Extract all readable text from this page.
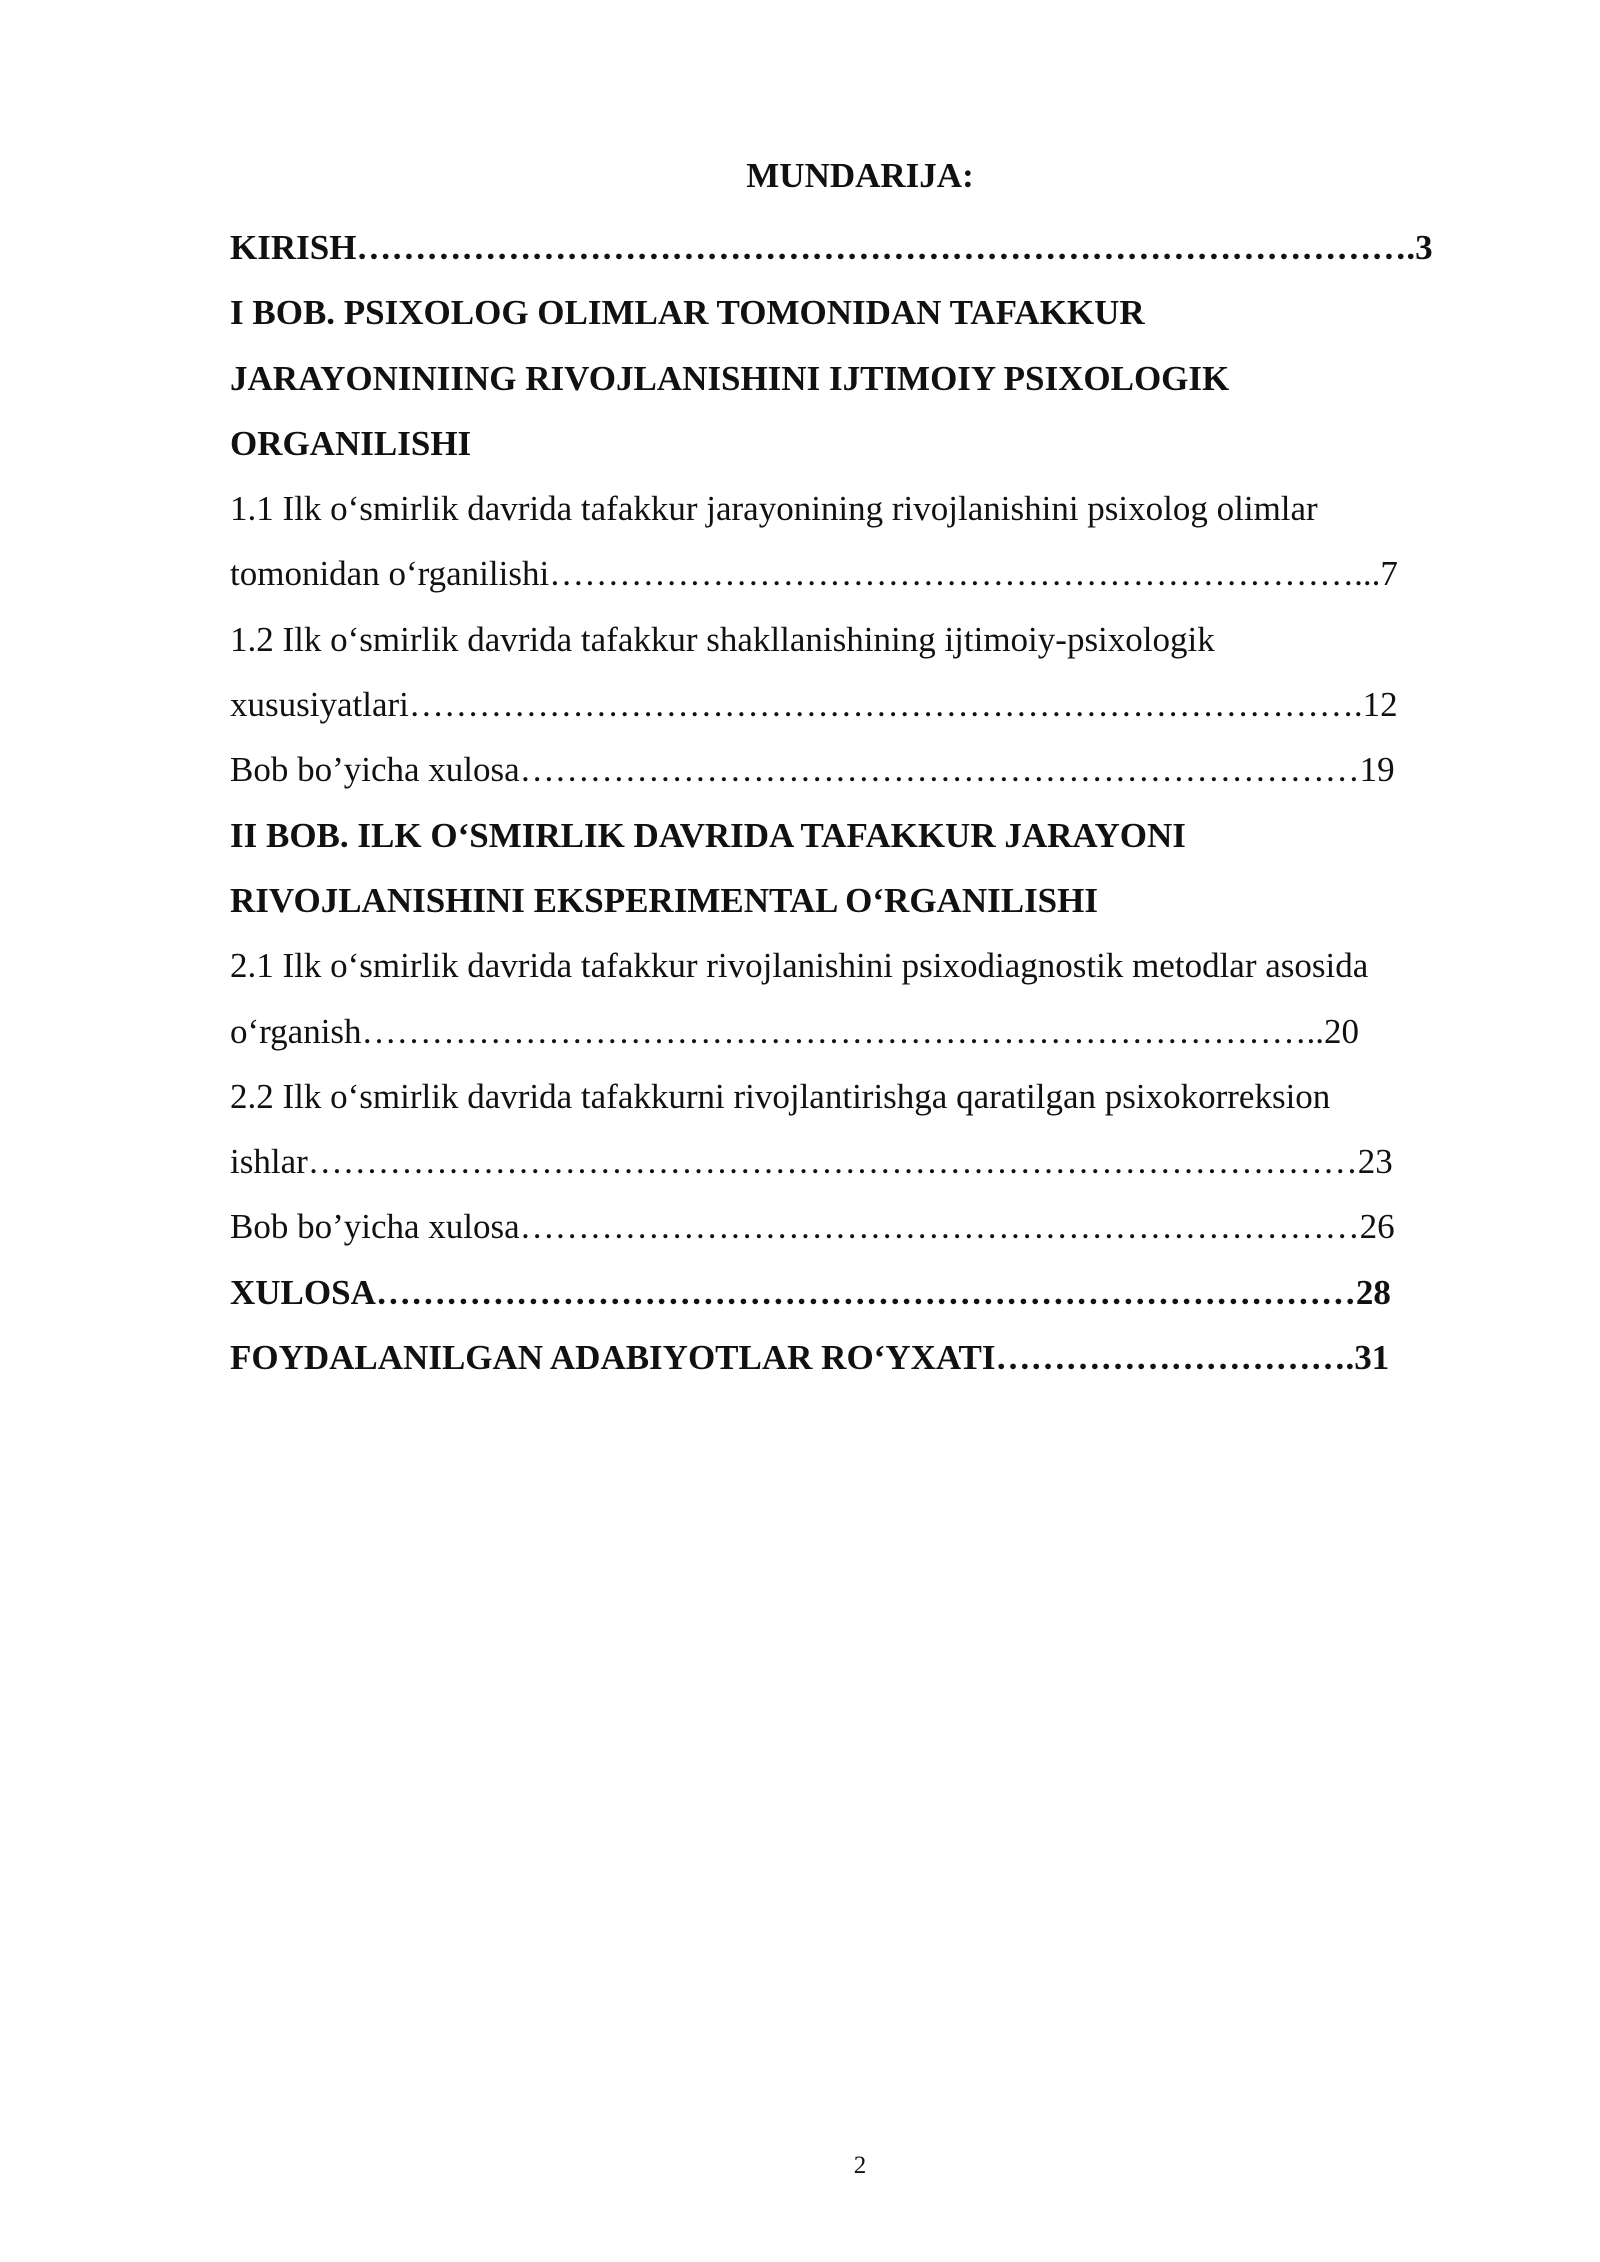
MUNDARIJA:
KIRISH……………………………………………………………………………….3
I BOB. PSIXOLOG OLIMLAR TOMONIDAN TAFAKKUR
JARAYONINIING RIVOJLANISHINI IJTIMOIY PSIXOLOGIK
ORGANILISHI
1.1 Ilk oʻsmirlik davrida tafakkur jarayonining rivojlanishini psixolog olimlar
tomonidan oʻrganilishi……………………………………………………………...7
1.2 Ilk oʻsmirlik davrida tafakkur shakllanishining ijtimoiy-psixologik
xususiyatlari……………………………………………………………………….12
Bob bo’yicha xulosa………………………………………………………………19
II BOB. ILK OʻSMIRLIK DAVRIDA TAFAKKUR JARAYONI
RIVOJLANISHINI EKSPERIMENTAL OʻRGANILISHI
2.1 Ilk oʻsmirlik davrida tafakkur rivojlanishini psixodiagnostik metodlar asosida
oʻrganish………………………………………………………………………..20
2.2 Ilk oʻsmirlik davrida tafakkurni rivojlantirishga qaratilgan psixokorreksion
ishlar………………………………………………………………………………23
Bob bo’yicha xulosa………………………………………………………………26
XULOSA…………………………………………………………………………28
FOYDALANILGAN ADABIYOTLAR ROʻYXATI………………………….31
2
